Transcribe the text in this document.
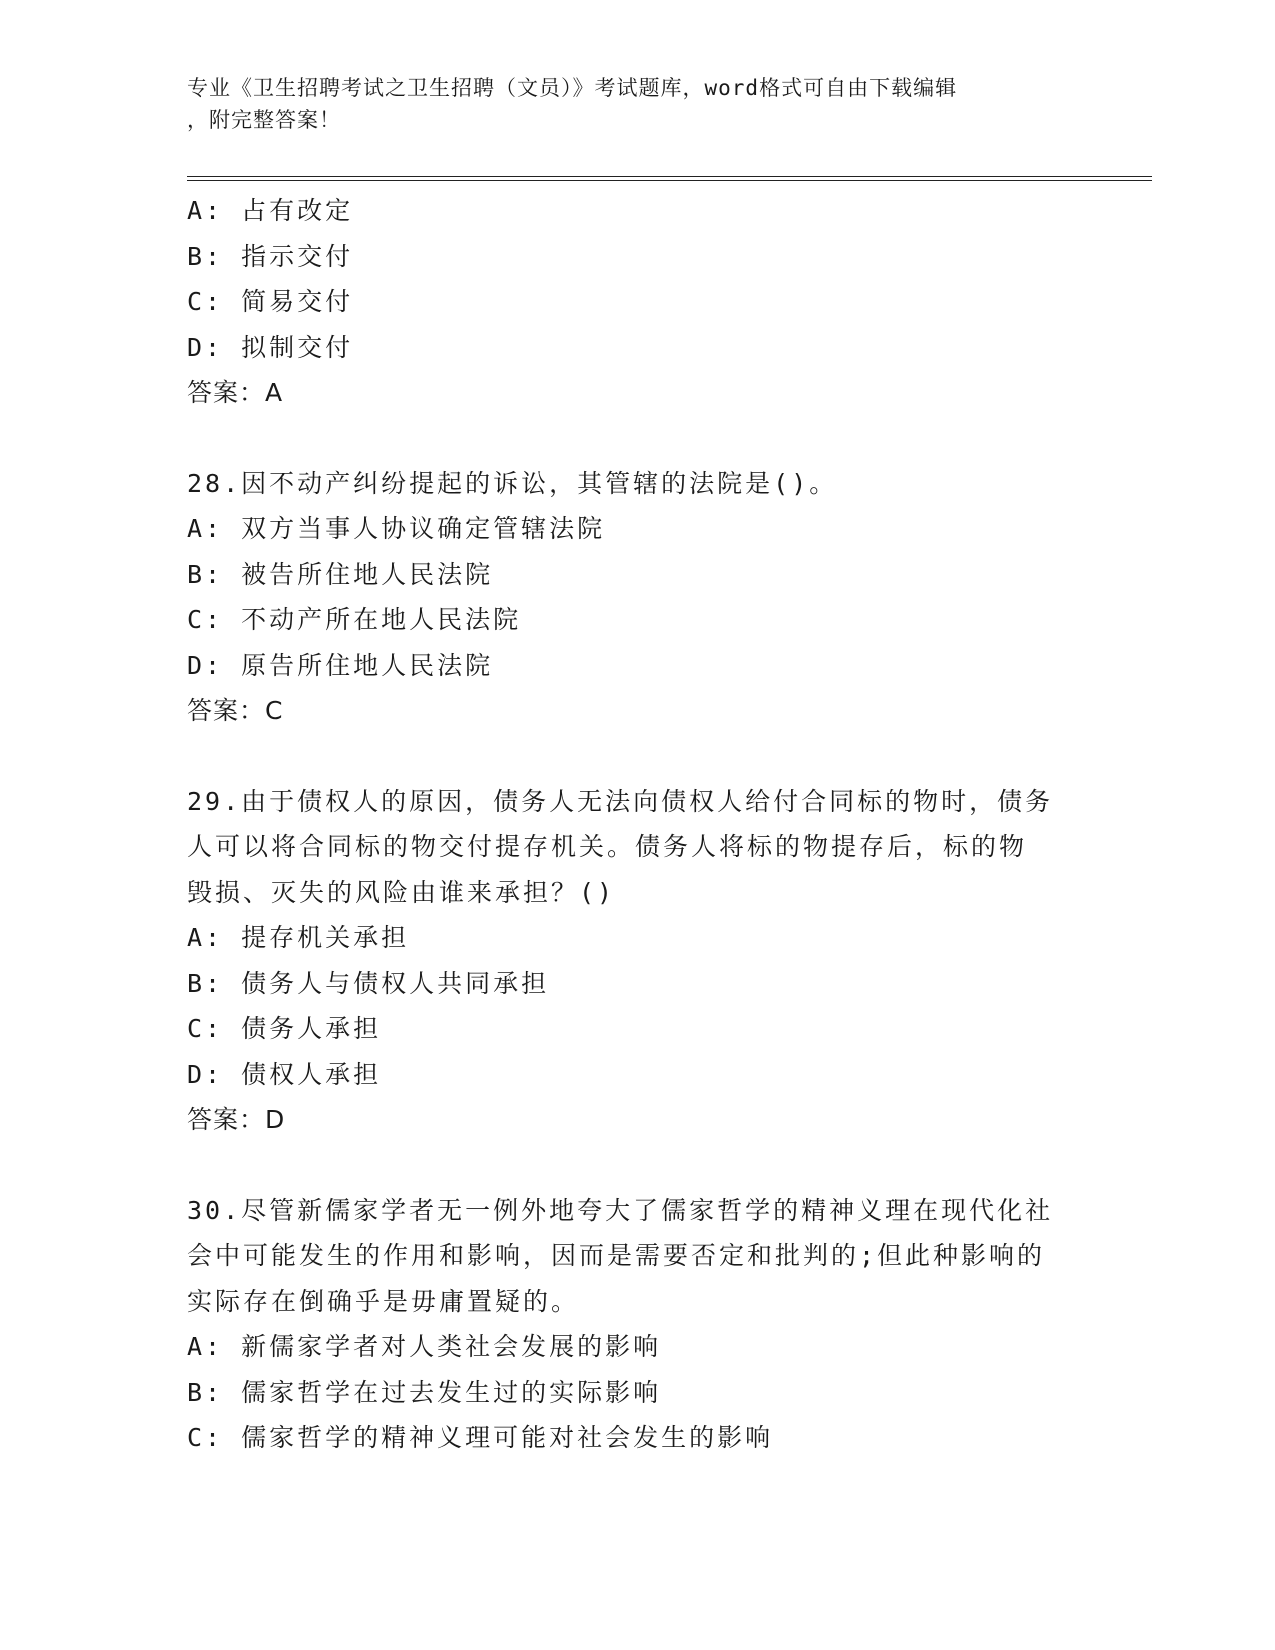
专业《卫生招聘考试之卫生招聘（文员）》考试题库，word格式可自由下载编辑
，附完整答案！
A: 占有改定
B: 指示交付
C: 简易交付
D: 拟制交付
答案：A
28.因不动产纠纷提起的诉讼，其管辖的法院是()。
A: 双方当事人协议确定管辖法院
B: 被告所住地人民法院
C: 不动产所在地人民法院
D: 原告所住地人民法院
答案：C
29.由于债权人的原因，债务人无法向债权人给付合同标的物时，债务
人可以将合同标的物交付提存机关。债务人将标的物提存后，标的物
毁损、灭失的风险由谁来承担？()
A: 提存机关承担
B: 债务人与债权人共同承担
C: 债务人承担
D: 债权人承担
答案：D
30.尽管新儒家学者无一例外地夸大了儒家哲学的精神义理在现代化社
会中可能发生的作用和影响，因而是需要否定和批判的;但此种影响的
实际存在倒确乎是毋庸置疑的。
A: 新儒家学者对人类社会发展的影响
B: 儒家哲学在过去发生过的实际影响
C: 儒家哲学的精神义理可能对社会发生的影响
